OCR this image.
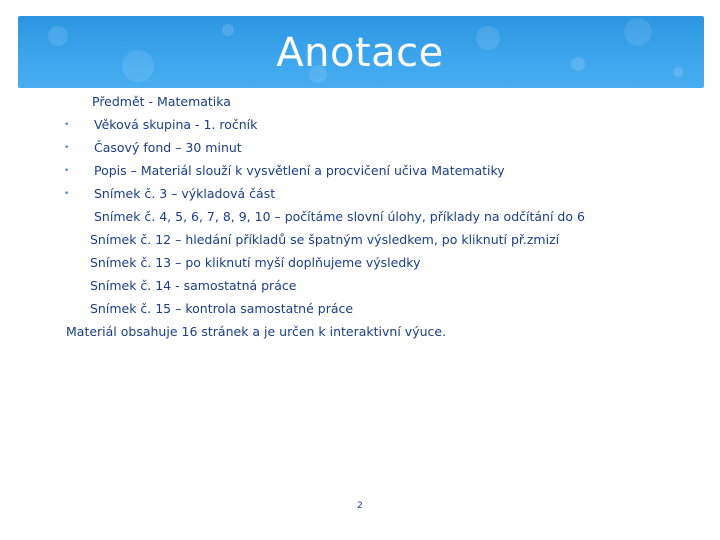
Anotace
Předmět - Matematika
• Věková skupina - 1. ročník
• Časový fond – 30 minut
• Popis – Materiál slouží k vysvětlení a procvičení učiva Matematiky
• Snímek č. 3 – výkladová část
Snímek č. 4, 5, 6, 7, 8, 9, 10 – počítáme slovní úlohy, příklady na odčítání do 6
Snímek č. 12 – hledání příkladů se špatným výsledkem, po kliknutí př.zmizí
Snímek č. 13 – po kliknutí myší doplňujeme výsledky
Snímek č. 14 - samostatná práce
Snímek č. 15 – kontrola samostatné práce
Materiál obsahuje 16 stránek a je určen k interaktivní výuce.
2
